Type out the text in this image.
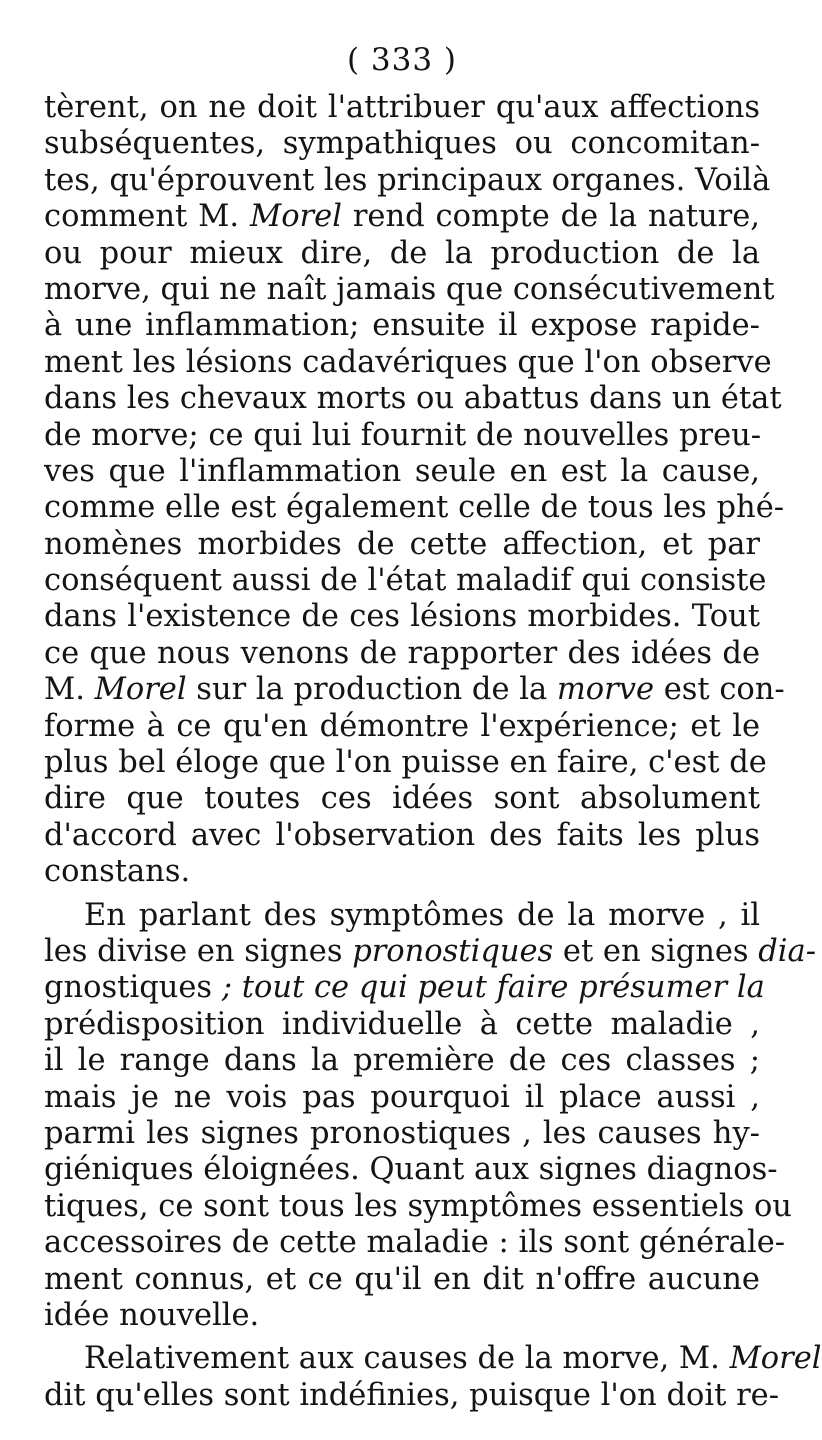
( 333 )
tèrent, on ne doit l'attribuer qu'aux affections
subséquentes, sympathiques ou concomitan-
tes, qu'éprouvent les principaux organes. Voilà
comment M. Morel rend compte de la nature,
ou pour mieux dire, de la production de la
morve, qui ne naît jamais que consécutivement
à une inflammation; ensuite il expose rapide-
ment les lésions cadavériques que l'on observe
dans les chevaux morts ou abattus dans un état
de morve; ce qui lui fournit de nouvelles preu-
ves que l'inflammation seule en est la cause,
comme elle est également celle de tous les phé-
nomènes morbides de cette affection, et par
conséquent aussi de l'état maladif qui consiste
dans l'existence de ces lésions morbides. Tout
ce que nous venons de rapporter des idées de
M. Morel sur la production de la morve est con-
forme à ce qu'en démontre l'expérience; et le
plus bel éloge que l'on puisse en faire, c'est de
dire que toutes ces idées sont absolument
d'accord avec l'observation des faits les plus
constans.
En parlant des symptômes de la morve , il
les divise en signes pronostiques et en signes dia-
gnostiques ; tout ce qui peut faire présumer la
prédisposition individuelle à cette maladie ,
il le range dans la première de ces classes ;
mais je ne vois pas pourquoi il place aussi ,
parmi les signes pronostiques , les causes hy-
giéniques éloignées. Quant aux signes diagnos-
tiques, ce sont tous les symptômes essentiels ou
accessoires de cette maladie : ils sont générale-
ment connus, et ce qu'il en dit n'offre aucune
idée nouvelle.
Relativement aux causes de la morve, M. Morel
dit qu'elles sont indéfinies, puisque l'on doit re-
